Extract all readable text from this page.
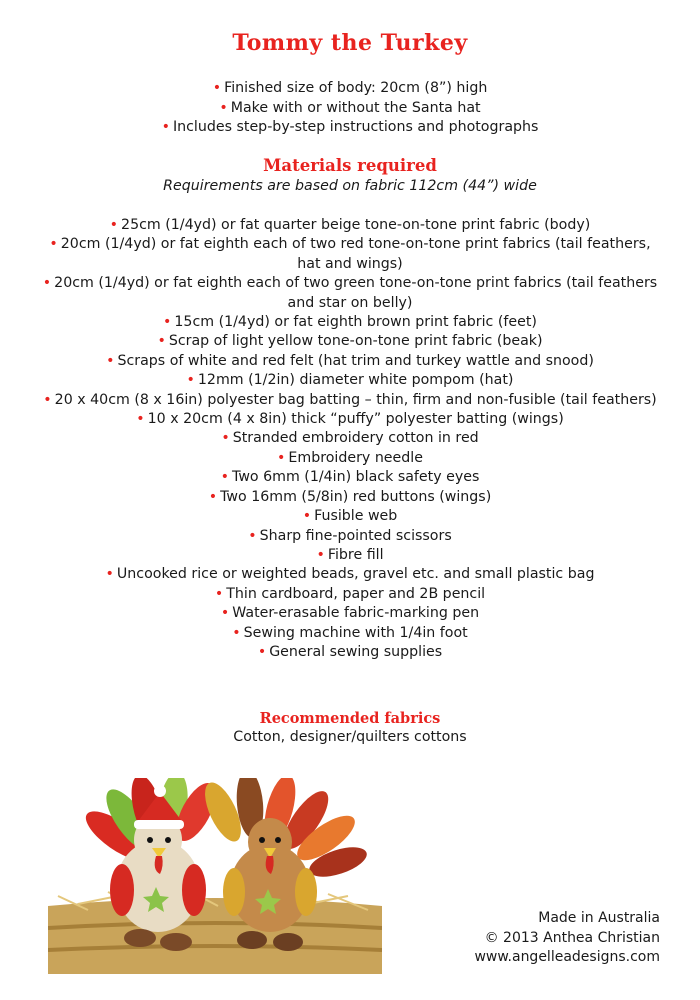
Tommy the Turkey
• Finished size of body: 20cm (8”) high
• Make with or without the Santa hat
• Includes step-by-step instructions and photographs
Materials required
Requirements are based on fabric 112cm (44”) wide
• 25cm (1/4yd) or fat quarter beige tone-on-tone print fabric (body)
• 20cm (1/4yd) or fat eighth each of two red tone-on-tone print fabrics (tail feathers, hat and wings)
• 20cm (1/4yd) or fat eighth each of two green tone-on-tone print fabrics (tail feathers and star on belly)
• 15cm (1/4yd) or fat eighth brown print fabric (feet)
• Scrap of light yellow tone-on-tone print fabric (beak)
• Scraps of white and red felt (hat trim and turkey wattle and snood)
• 12mm (1/2in) diameter white pompom (hat)
• 20 x 40cm (8 x 16in) polyester bag batting – thin, firm and non-fusible (tail feathers)
• 10 x 20cm (4 x 8in) thick “puffy” polyester batting (wings)
• Stranded embroidery cotton in red
• Embroidery needle
• Two 6mm (1/4in) black safety eyes
• Two 16mm (5/8in) red buttons (wings)
• Fusible web
• Sharp fine-pointed scissors
• Fibre fill
• Uncooked rice or weighted beads, gravel etc. and small plastic bag
• Thin cardboard, paper and 2B pencil
• Water-erasable fabric-marking pen
• Sewing machine with 1/4in foot
• General sewing supplies
Recommended fabrics
Cotton, designer/quilters cottons
Made in Australia
© 2013 Anthea Christian
www.angelleadesigns.com
